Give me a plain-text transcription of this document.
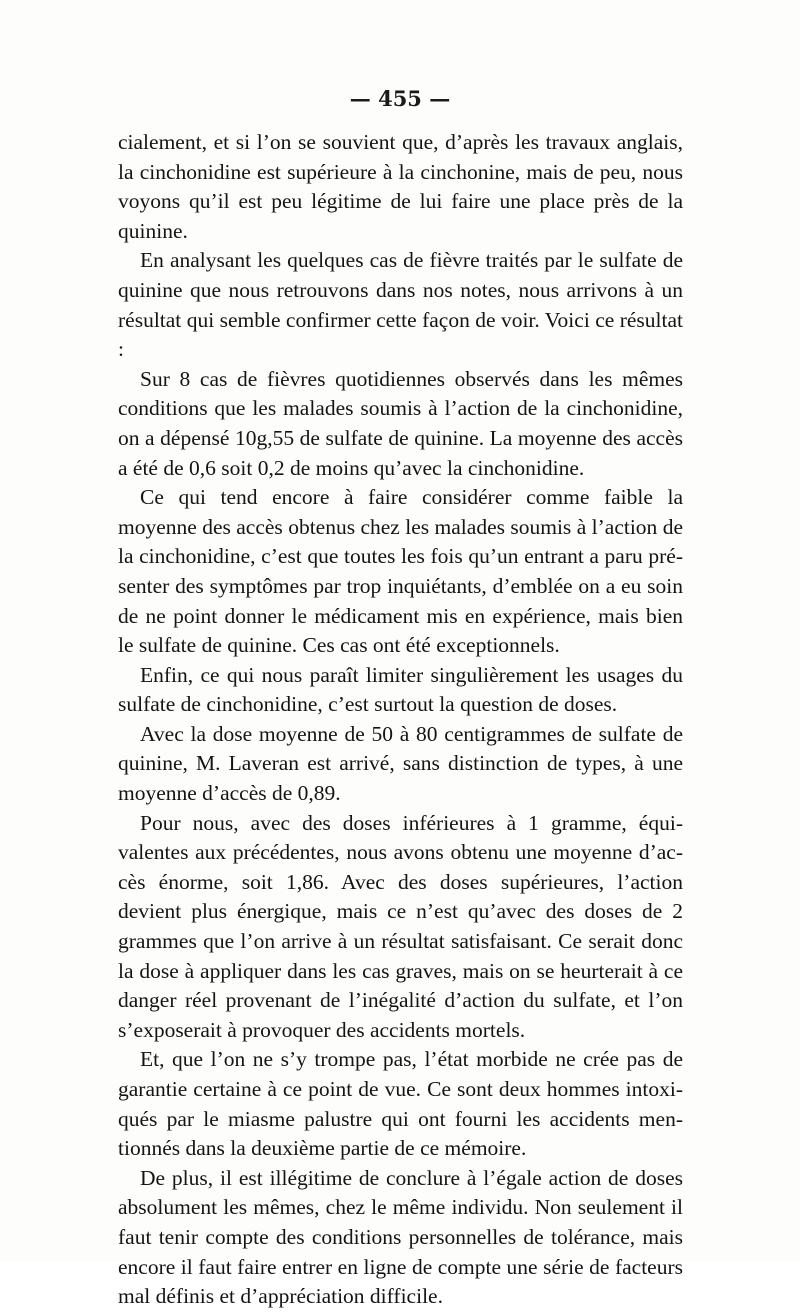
— 455 —

cialement, et si l’on se souvient que, d’après les travaux anglais, la cinchonidine est supérieure à la cinchonine, mais de peu, nous voyons qu’il est peu légitime de lui faire une place près de la quinine.

En analysant les quelques cas de fièvre traités par le sulfate de quinine que nous retrouvons dans nos notes, nous arrivons à un résultat qui semble confirmer cette façon de voir. Voici ce résultat :

Sur 8 cas de fièvres quotidiennes observés dans les mêmes conditions que les malades soumis à l’action de la cinchonidine, on a dépensé 10g,55 de sulfate de quinine. La moyenne des accès a été de 0,6 soit 0,2 de moins qu’avec la cinchonidine.

Ce qui tend encore à faire considérer comme faible la moyenne des accès obtenus chez les malades soumis à l’action de la cinchonidine, c’est que toutes les fois qu’un entrant a paru présenter des symptômes par trop inquiétants, d’emblée on a eu soin de ne point donner le médicament mis en expérience, mais bien le sulfate de quinine. Ces cas ont été exceptionnels.

Enfin, ce qui nous paraît limiter singulièrement les usages du sulfate de cinchonidine, c’est surtout la question de doses.

Avec la dose moyenne de 50 à 80 centigrammes de sulfate de quinine, M. Laveran est arrivé, sans distinction de types, à une moyenne d’accès de 0,89.

Pour nous, avec des doses inférieures à 1 gramme, équivalentes aux précédentes, nous avons obtenu une moyenne d’accès énorme, soit 1,86. Avec des doses supérieures, l’action devient plus énergique, mais ce n’est qu’avec des doses de 2 grammes que l’on arrive à un résultat satisfaisant. Ce serait donc la dose à appliquer dans les cas graves, mais on se heurterait à ce danger réel provenant de l’inégalité d’action du sulfate, et l’on s’exposerait à provoquer des accidents mortels.

Et, que l’on ne s’y trompe pas, l’état morbide ne crée pas de garantie certaine à ce point de vue. Ce sont deux hommes intoxiqués par le miasme palustre qui ont fourni les accidents mentionnés dans la deuxième partie de ce mémoire.

De plus, il est illégitime de conclure à l’égale action de doses absolument les mêmes, chez le même individu. Non seulement il faut tenir compte des conditions personnelles de tolérance, mais encore il faut faire entrer en ligne de compte une série de facteurs mal définis et d’appréciation difficile.
